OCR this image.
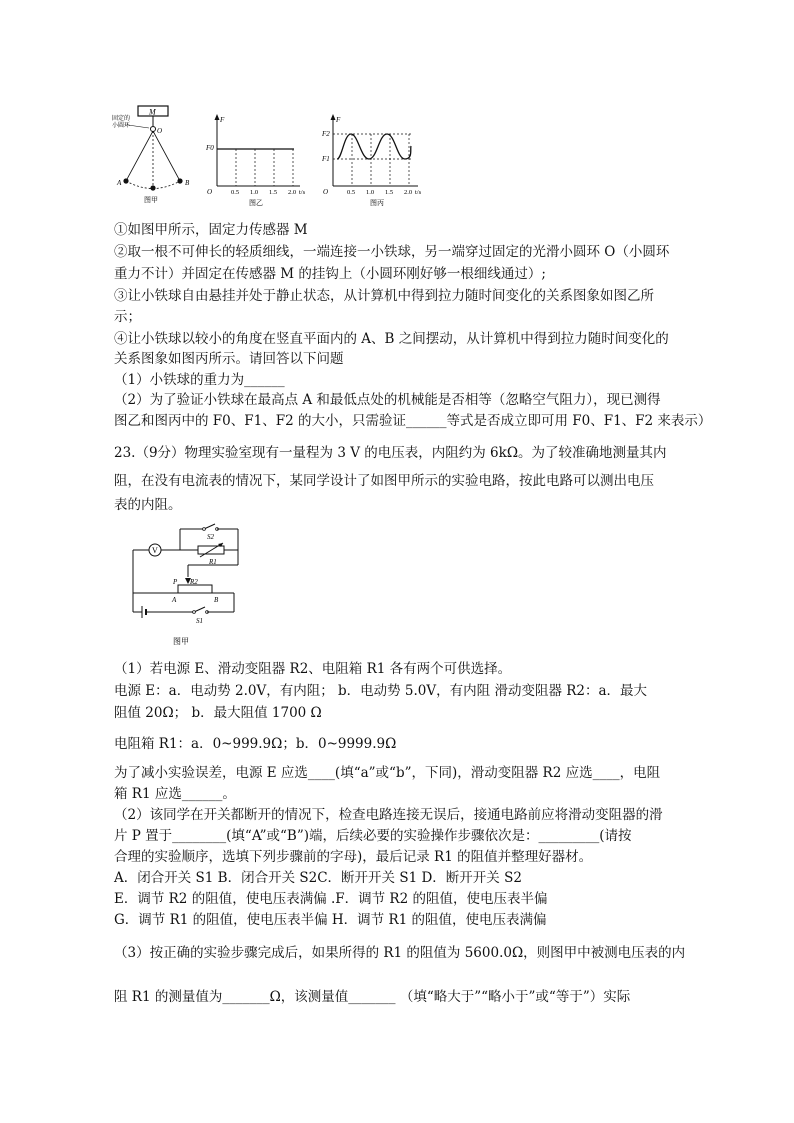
M
固定的
小圆环
O
A	B
图甲
F
F0
O	0.5 1.0 1.5 2.0 t/s
图乙
F
F2
F1
O	0.5 1.0 1.5 2.0 t/s
图丙
①如图甲所示，固定力传感器 M
②取一根不可伸长的轻质细线，一端连接一小铁球，另一端穿过固定的光滑小圆环 O（小圆环
重力不计）并固定在传感器 M 的挂钩上（小圆环刚好够一根细线通过）;
③让小铁球自由悬挂并处于静止状态，从计算机中得到拉力随时间变化的关系图象如图乙所
示；
④让小铁球以较小的角度在竖直平面内的 A、B 之间摆动，从计算机中得到拉力随时间变化的
关系图象如图丙所示。请回答以下问题
（1）小铁球的重力为______
（2）为了验证小铁球在最高点 A 和最低点处的机械能是否相等（忽略空气阻力），现已测得
图乙和图丙中的 F0、F1、F2 的大小，只需验证______等式是否成立即可用 F0、F1、F2 来表示）
23.（9分）物理实验室现有一量程为 3 V 的电压表，内阻约为 6kΩ。为了较准确地测量其内
阻，在没有电流表的情况下，某同学设计了如图甲所示的实验电路，按此电路可以测出电压
表的内阻。
V
S2
R1
P R2
A	B
S1
图甲
（1）若电源 E、滑动变阻器 R2、电阻箱 R1 各有两个可供选择。
电源 E：a．电动势 2.0V，有内阻； b．电动势 5.0V，有内阻 滑动变阻器 R2：a．最大
阻值 20Ω； b．最大阻值 1700 Ω
电阻箱 R1：a．0~999.9Ω；b．0~9999.9Ω
为了减小实验误差，电源 E 应选____(填“a”或“b”，下同)，滑动变阻器 R2 应选____，电阻
箱 R1 应选______。
（2）该同学在开关都断开的情况下，检查电路连接无误后，接通电路前应将滑动变阻器的滑
片 P 置于________(填“A”或“B”)端，后续必要的实验操作步骤依次是：_________(请按
合理的实验顺序，选填下列步骤前的字母)，最后记录 R1 的阻值并整理好器材。
A．闭合开关 S1 B．闭合开关 S2C．断开开关 S1 D．断开开关 S2
E．调节 R2 的阻值，使电压表满偏 .F．调节 R2 的阻值，使电压表半偏
G．调节 R1 的阻值，使电压表半偏 H．调节 R1 的阻值，使电压表满偏
（3）按正确的实验步骤完成后，如果所得的 R1 的阻值为 5600.0Ω，则图甲中被测电压表的内
阻 R1 的测量值为_______Ω，该测量值_______ （填“略大于”“略小于”或“等于”）实际
